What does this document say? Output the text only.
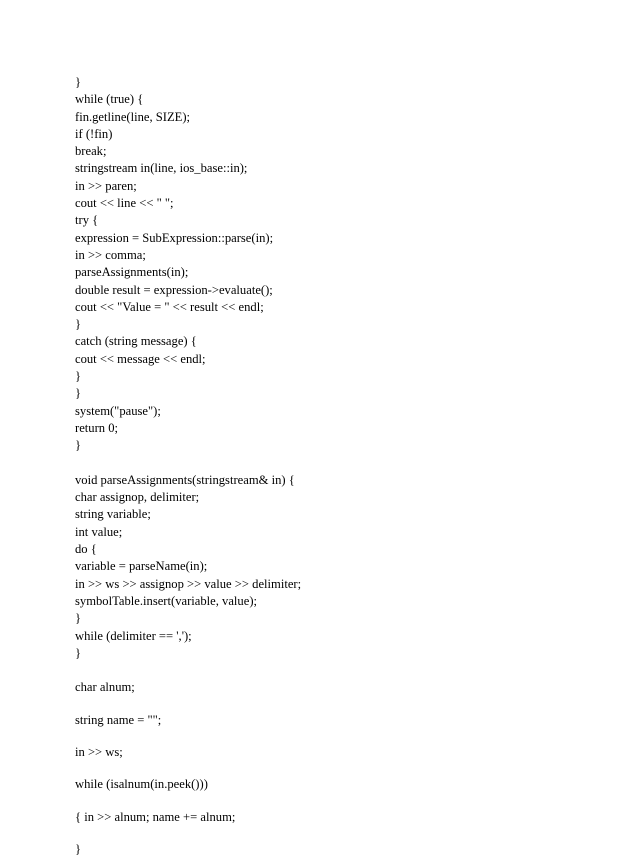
}
while (true) {
fin.getline(line, SIZE);
if (!fin)
break;
stringstream in(line, ios_base::in);
in >> paren;
cout << line << " ";
try {
expression = SubExpression::parse(in);
in >> comma;
parseAssignments(in);
double result = expression->evaluate();
cout << "Value = " << result << endl;
}
catch (string message) {
cout << message << endl;
}
}
system("pause");
return 0;
}
void parseAssignments(stringstream& in) {
char assignop, delimiter;
string variable;
int value;
do {
variable = parseName(in);
in >> ws >> assignop >> value >> delimiter;
symbolTable.insert(variable, value);
}
while (delimiter == ',');
}
char alnum;
string name = "";
in >> ws;
while (isalnum(in.peek()))
{ in >> alnum; name += alnum;
}
